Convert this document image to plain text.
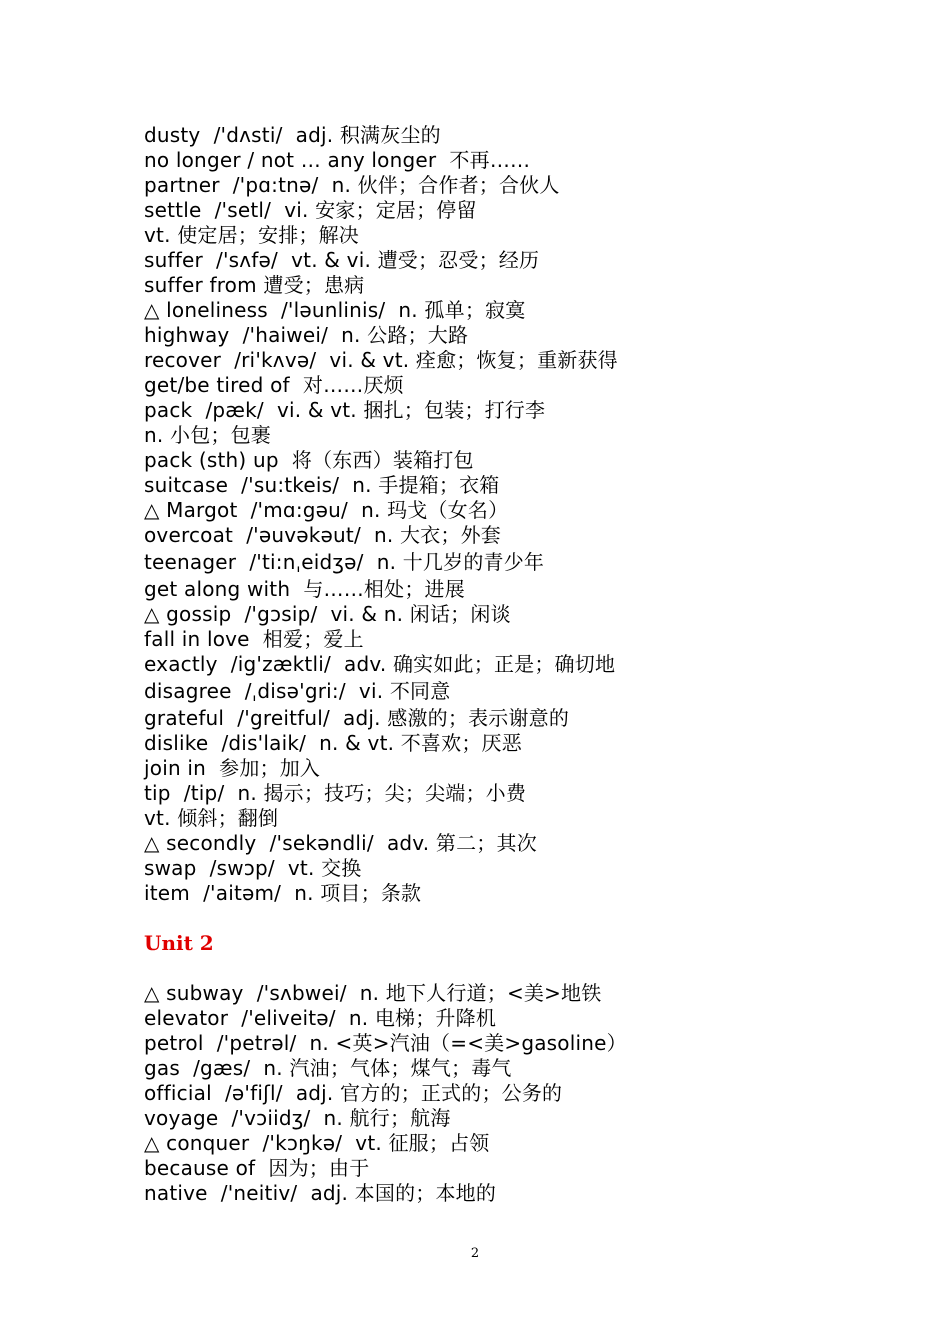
dusty  /'dʌsti/  adj. 积满灰尘的
no longer / not … any longer  不再……
partner  /'pɑ:tnə/  n. 伙伴；合作者；合伙人
settle  /'setl/  vi. 安家；定居；停留
vt. 使定居；安排；解决
suffer  /'sʌfə/  vt. & vi. 遭受；忍受；经历
suffer from 遭受；患病
△ loneliness  /'ləunlinis/  n. 孤单；寂寞
highway  /'haiwei/  n. 公路；大路
recover  /ri'kʌvə/  vi. & vt. 痊愈；恢复；重新获得
get/be tired of  对……厌烦
pack  /pæk/  vi. & vt. 捆扎；包装；打行李
n. 小包；包裹
pack (sth) up  将（东西）装箱打包
suitcase  /'su:tkeis/  n. 手提箱；衣箱
△ Margot  /'mɑ:gəu/  n. 玛戈（女名）
overcoat  /'əuvəkəut/  n. 大衣；外套
teenager  /'ti:nˌeidʒə/  n. 十几岁的青少年
get along with  与……相处；进展
△ gossip  /'gɔsip/  vi. & n. 闲话；闲谈
fall in love  相爱；爱上
exactly  /ig'zæktli/  adv. 确实如此；正是；确切地
disagree  /ˌdisə'gri:/  vi. 不同意
grateful  /'greitful/  adj. 感激的；表示谢意的
dislike  /dis'laik/  n. & vt. 不喜欢；厌恶
join in  参加；加入
tip  /tip/  n. 揭示；技巧；尖；尖端；小费
vt. 倾斜；翻倒
△ secondly  /'sekəndli/  adv. 第二；其次
swap  /swɔp/  vt. 交换
item  /'aitəm/  n. 项目；条款
Unit 2
△ subway  /'sʌbwei/  n. 地下人行道；<美>地铁
elevator  /'eliveitə/  n. 电梯；升降机
petrol  /'petrəl/  n. <英>汽油（=<美>gasoline）
gas  /gæs/  n. 汽油；气体；煤气；毒气
official  /ə'fiʃl/  adj. 官方的；正式的；公务的
voyage  /'vɔiidʒ/  n. 航行；航海
△ conquer  /'kɔŋkə/  vt. 征服；占领
because of  因为；由于
native  /'neitiv/  adj. 本国的；本地的
2
